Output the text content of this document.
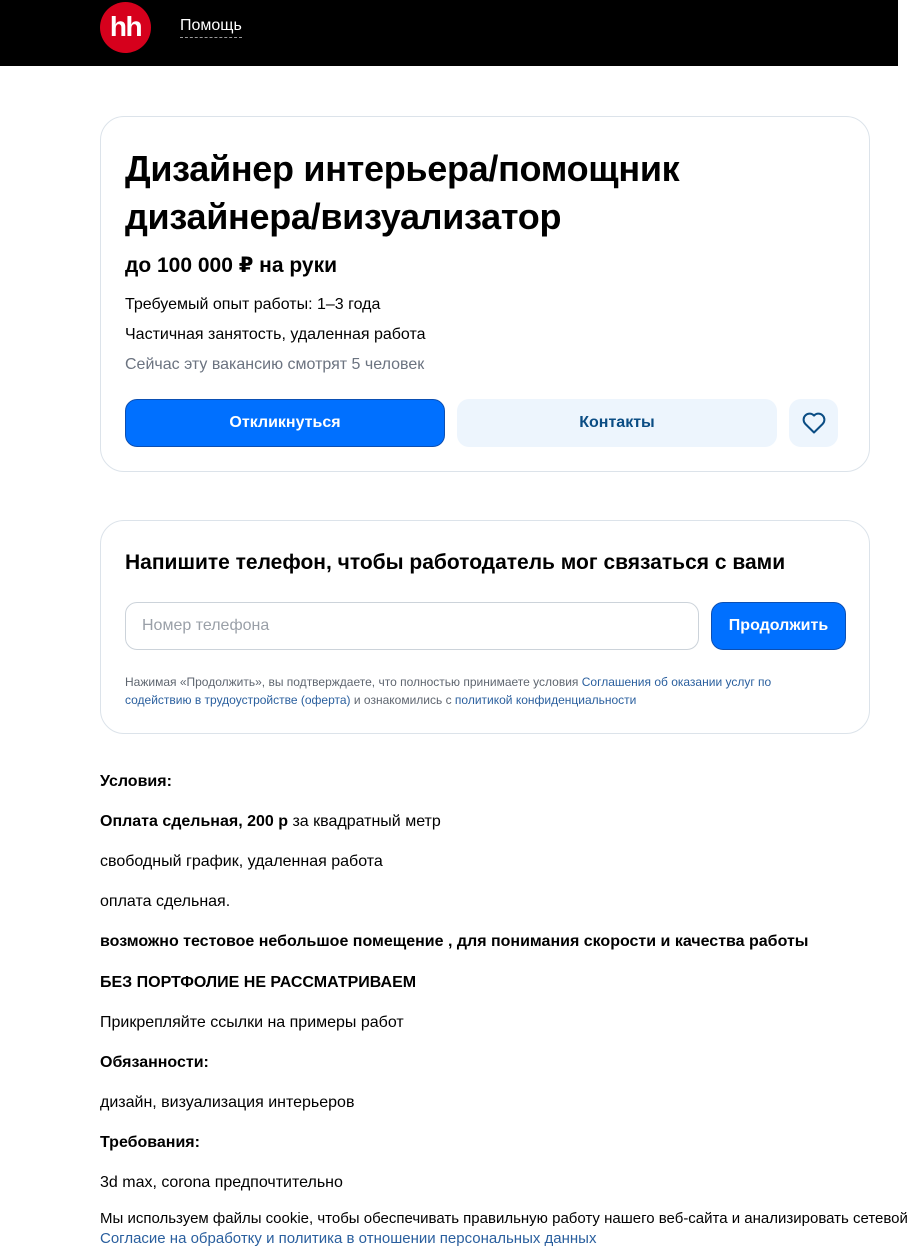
hh	Помощь
Дизайнер интерьера/помощник
дизайнера/визуализатор
до 100 000 ₽ на руки
Требуемый опыт работы: 1–3 года
Частичная занятость, удаленная работа
Сейчас эту вакансию смотрят 5 человек
Откликнуться	Контакты
Напишите телефон, чтобы работодатель мог связаться с вами
Номер телефона
Продолжить

Нажимая «Продолжить», вы подтверждаете, что полностью принимаете условия Соглашения об оказании услуг по содействию в трудоустройстве (оферта) и ознакомились с политикой конфиденциальности

Условия:
Оплата сдельная, 200 р за квадратный метр
свободный график, удаленная работа
оплата сдельная.
возможно тестовое небольшое помещение , для понимания скорости и качества работы
БЕЗ ПОРТФОЛИЕ НЕ РАССМАТРИВАЕМ
Прикрепляйте ссылки на примеры работ
Обязанности:
дизайн, визуализация интерьеров
Требования:
3d max, corona предпочтительно
Мы используем файлы cookie, чтобы обеспечивать правильную работу нашего веб-сайта и анализировать сетевой
Согласие на обработку и политика в отношении персональных данных
